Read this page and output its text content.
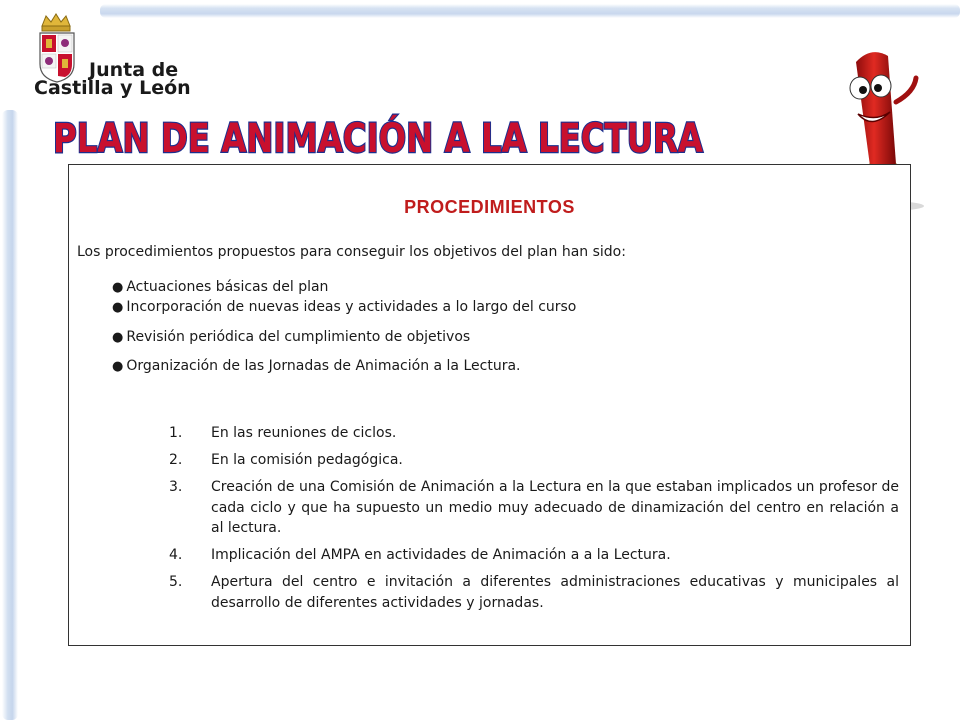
Junta de
Castilla y León
PLAN DE ANIMACIÓN A LA LECTURA
PROCEDIMIENTOS
Los procedimientos propuestos para conseguir los objetivos del plan han sido:
● Actuaciones básicas del plan
● Incorporación de nuevas ideas y actividades a lo largo del curso
● Revisión periódica del cumplimiento de objetivos
● Organización de las Jornadas de Animación a la Lectura.
1.	En las reuniones de ciclos.
2.	En la comisión pedagógica.
3.	Creación de una Comisión de Animación a la Lectura en la que estaban implicados un profesor de cada ciclo y que ha supuesto un medio muy adecuado de dinamización del centro en relación a al lectura.
4.	Implicación del AMPA en actividades de Animación a a la Lectura.
5.	Apertura del centro e invitación a diferentes administraciones educativas y municipales al desarrollo de diferentes actividades y jornadas.
